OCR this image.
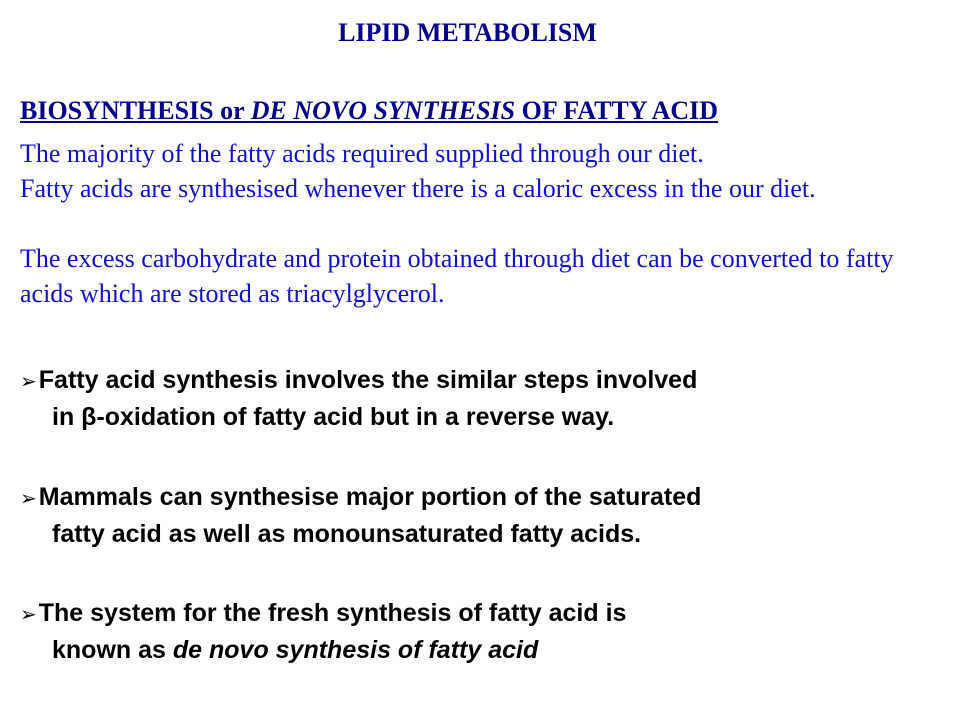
LIPID METABOLISM
BIOSYNTHESIS or DE NOVO SYNTHESIS OF FATTY ACID
The majority of the fatty acids required supplied through our diet.
Fatty acids are synthesised whenever there is a caloric excess in the our diet.
The excess carbohydrate and protein obtained through diet can be converted to fatty acids which are stored as triacylglycerol.
➢Fatty acid synthesis involves the similar steps involved
in β-oxidation of fatty acid but in a reverse way.
➢Mammals can synthesise major portion of the saturated
fatty acid as well as monounsaturated fatty acids.
➢The system for the fresh synthesis of fatty acid is
known as de novo synthesis of fatty acid
